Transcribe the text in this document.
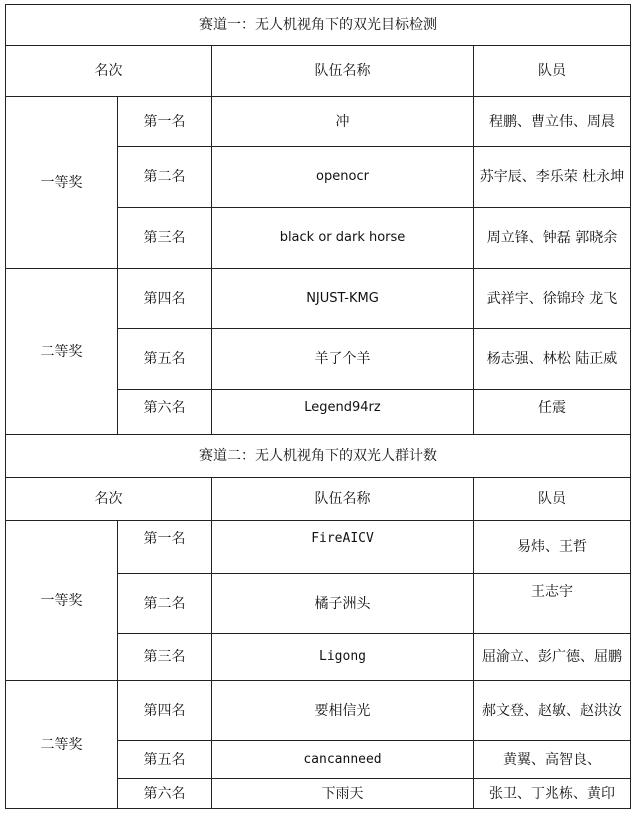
赛道一：无人机视角下的双光目标检测			
名次		队伍名称	队员
一等奖	第一名	冲	程鹏、曹立伟、周晨
	第二名	openocr	苏宇辰、李乐荣 杜永坤
	第三名	black or dark horse	周立锋、钟磊 郭晓余
二等奖	第四名	NJUST-KMG	武祥宇、徐锦玲 龙飞
	第五名	羊了个羊	杨志强、林松 陆正威
	第六名	Legend94rz	任震
赛道二：无人机视角下的双光人群计数			
名次		队伍名称	队员
一等奖	第一名	FireAICV	易炜、王哲
	第二名	橘子洲头	王志宇
	第三名	Ligong	屈渝立、彭广德、屈鹏
二等奖	第四名	要相信光	郝文登、赵敏、赵洪汝
	第五名	cancanneed	黄翼、高智良、
	第六名	下雨天	张卫、丁兆栋、黄印
